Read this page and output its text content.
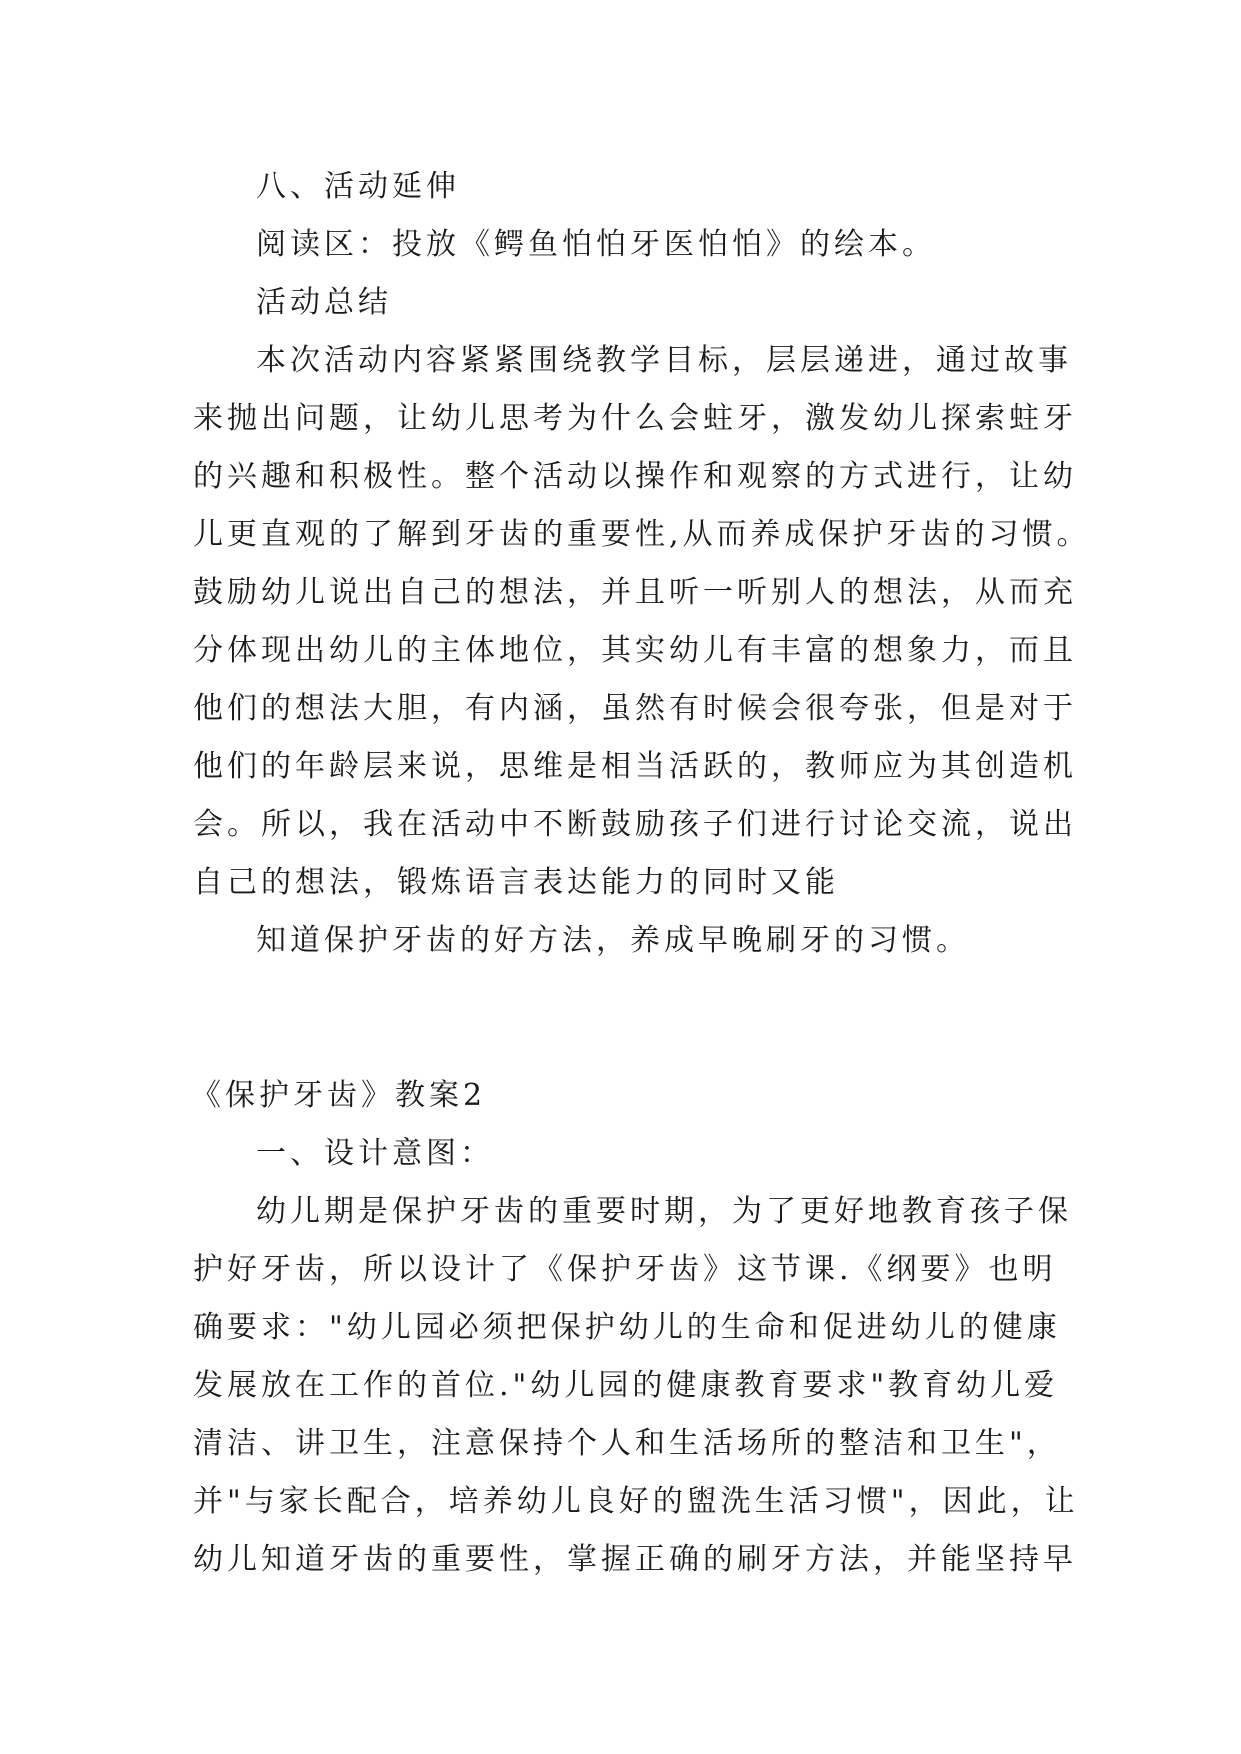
八、活动延伸
阅读区：投放《鳄鱼怕怕牙医怕怕》的绘本。
活动总结
本次活动内容紧紧围绕教学目标，层层递进，通过故事
来抛出问题，让幼儿思考为什么会蛀牙，激发幼儿探索蛀牙
的兴趣和积极性。整个活动以操作和观察的方式进行，让幼
儿更直观的了解到牙齿的重要性,从而养成保护牙齿的习惯。
鼓励幼儿说出自己的想法，并且听一听别人的想法，从而充
分体现出幼儿的主体地位，其实幼儿有丰富的想象力，而且
他们的想法大胆，有内涵，虽然有时候会很夸张，但是对于
他们的年龄层来说，思维是相当活跃的，教师应为其创造机
会。所以，我在活动中不断鼓励孩子们进行讨论交流，说出
自己的想法，锻炼语言表达能力的同时又能
知道保护牙齿的好方法，养成早晚刷牙的习惯。
《保护牙齿》教案2
一、设计意图：
幼儿期是保护牙齿的重要时期，为了更好地教育孩子保
护好牙齿，所以设计了《保护牙齿》这节课.《纲要》也明
确要求："幼儿园必须把保护幼儿的生命和促进幼儿的健康
发展放在工作的首位."幼儿园的健康教育要求"教育幼儿爱
清洁、讲卫生，注意保持个人和生活场所的整洁和卫生"，
并"与家长配合，培养幼儿良好的盥洗生活习惯"，因此，让
幼儿知道牙齿的重要性，掌握正确的刷牙方法，并能坚持早
